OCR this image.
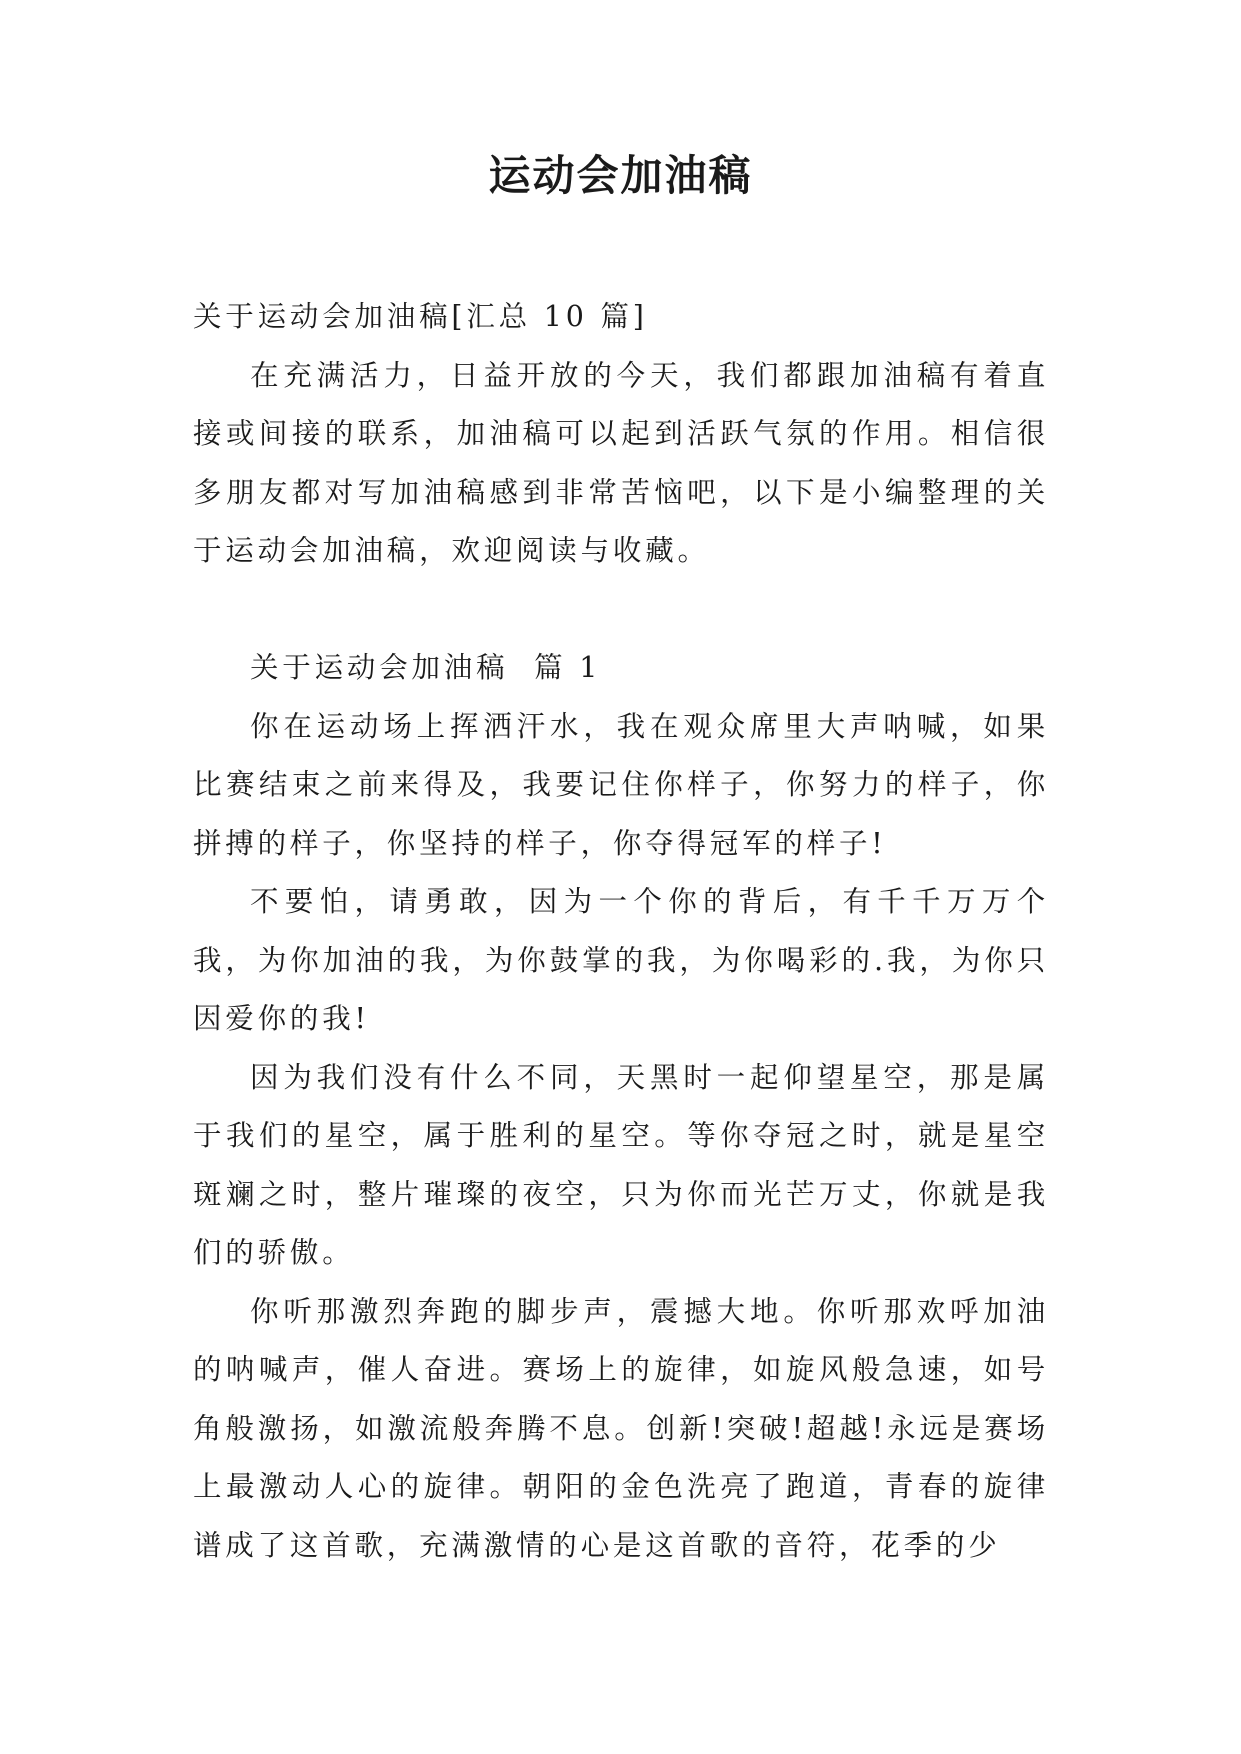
运动会加油稿

关于运动会加油稿[汇总 10 篇]

在充满活力，日益开放的今天，我们都跟加油稿有着直接或间接的联系，加油稿可以起到活跃气氛的作用。相信很多朋友都对写加油稿感到非常苦恼吧，以下是小编整理的关于运动会加油稿，欢迎阅读与收藏。

关于运动会加油稿  篇 1

你在运动场上挥洒汗水，我在观众席里大声呐喊，如果比赛结束之前来得及，我要记住你样子，你努力的样子，你拼搏的样子，你坚持的样子，你夺得冠军的样子!

不要怕，请勇敢，因为一个你的背后，有千千万万个我，为你加油的我，为你鼓掌的我，为你喝彩的.我，为你只因爱你的我!

因为我们没有什么不同，天黑时一起仰望星空，那是属于我们的星空，属于胜利的星空。等你夺冠之时，就是星空斑斓之时，整片璀璨的夜空，只为你而光芒万丈，你就是我们的骄傲。

你听那激烈奔跑的脚步声，震撼大地。你听那欢呼加油的呐喊声，催人奋进。赛场上的旋律，如旋风般急速，如号角般激扬，如激流般奔腾不息。创新!突破!超越!永远是赛场上最激动人心的旋律。朝阳的金色洗亮了跑道，青春的旋律谱成了这首歌，充满激情的心是这首歌的音符，花季的少
